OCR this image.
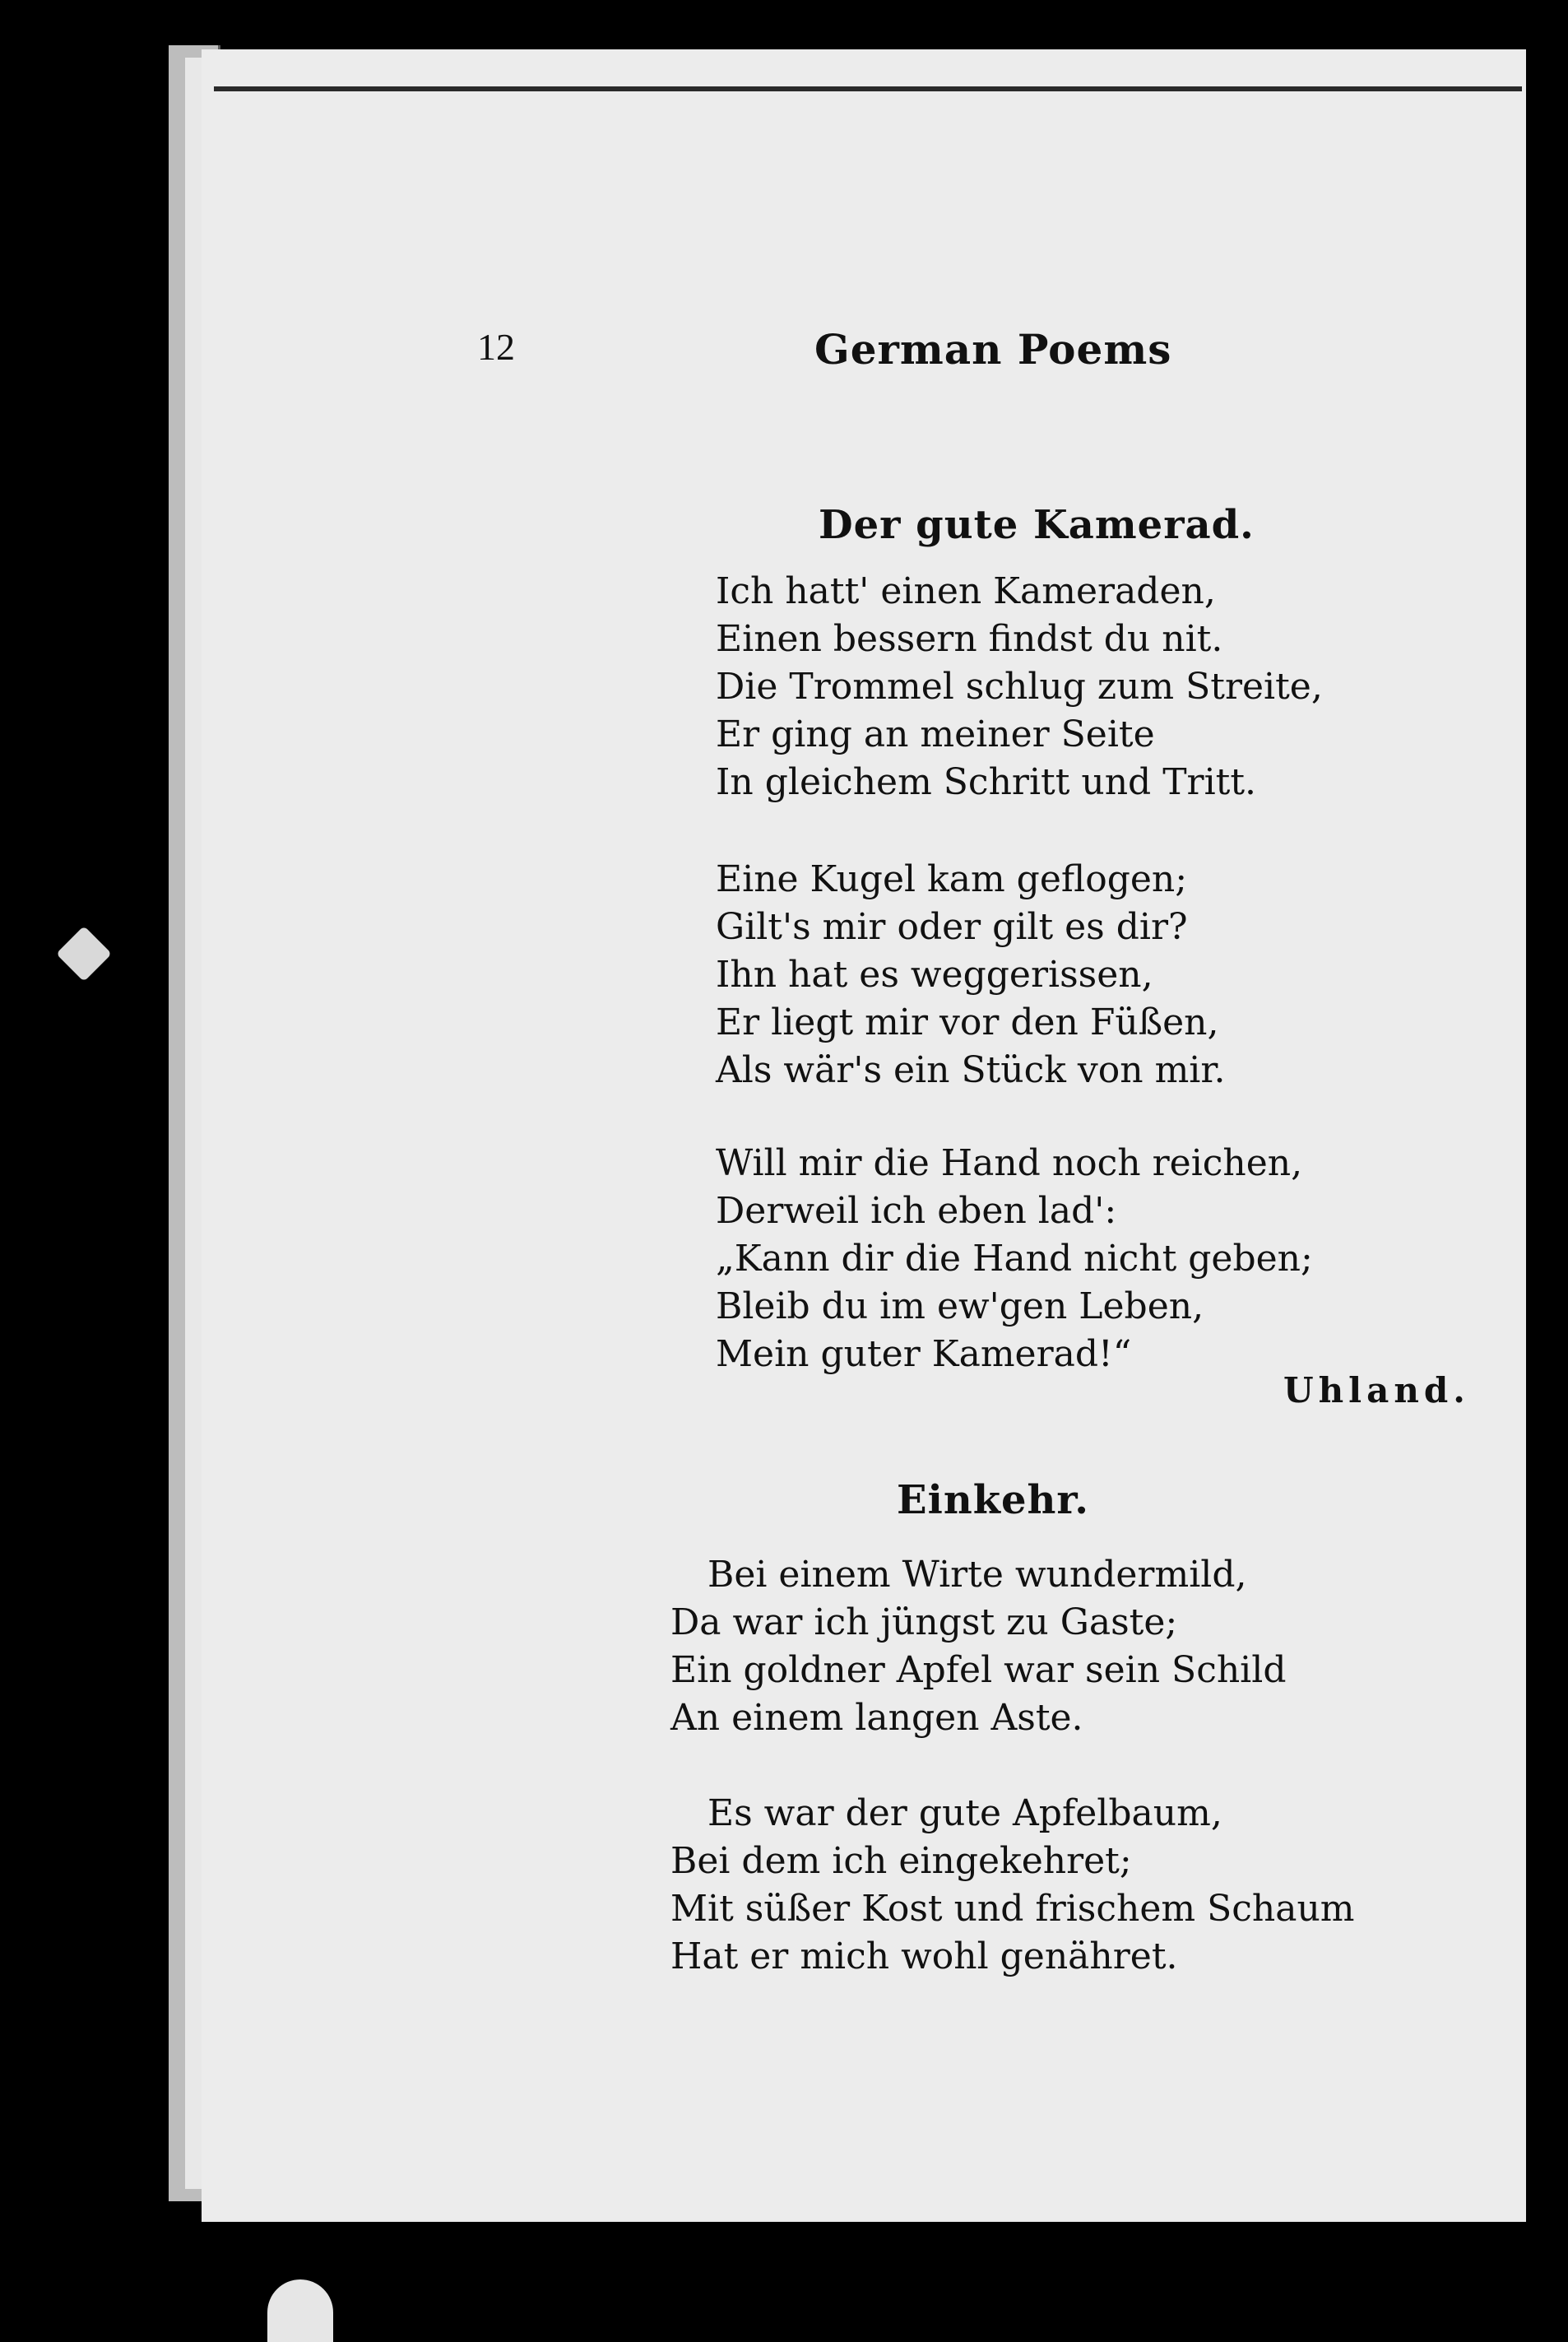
12	German Poems
Der gute Kamerad.
Ich hatt' einen Kameraden,
Einen bessern findst du nit.
Die Trommel schlug zum Streite,
Er ging an meiner Seite
In gleichem Schritt und Tritt.
Eine Kugel kam geflogen;
Gilt's mir oder gilt es dir?
Ihn hat es weggerissen,
Er liegt mir vor den Füßen,
Als wär's ein Stück von mir.
Will mir die Hand noch reichen,
Derweil ich eben lad':
„Kann dir die Hand nicht geben;
Bleib du im ew'gen Leben,
Mein guter Kamerad!“
Uhland.
Einkehr.
Bei einem Wirte wundermild,
Da war ich jüngst zu Gaste;
Ein goldner Apfel war sein Schild
An einem langen Aste.
Es war der gute Apfelbaum,
Bei dem ich eingekehret;
Mit süßer Kost und frischem Schaum
Hat er mich wohl genähret.
